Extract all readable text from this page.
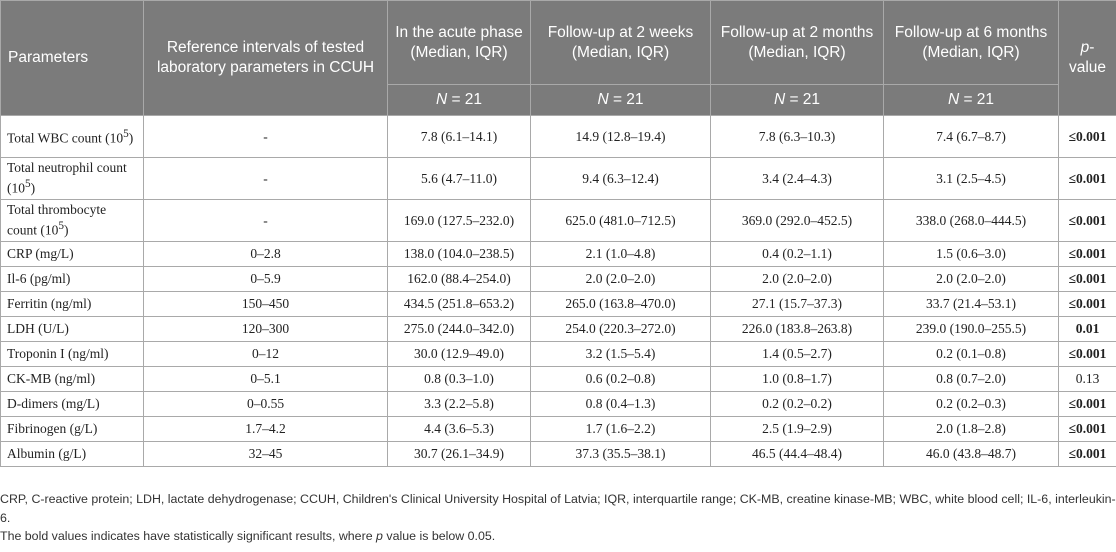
Parameters	Reference intervals of tested laboratory parameters in CCUH	In the acute phase (Median, IQR)	Follow-up at 2 weeks (Median, IQR)	Follow-up at 2 months (Median, IQR)	Follow-up at 6 months (Median, IQR)	p-value
		N = 21	N = 21	N = 21	N = 21	
Total WBC count $(10^5)$	-	7.8 (6.1–14.1)	14.9 (12.8–19.4)	7.8 (6.3–10.3)	7.4 (6.7–8.7)	≤0.001
Total neutrophil count $(10^5)$	-	5.6 (4.7–11.0)	9.4 (6.3–12.4)	3.4 (2.4–4.3)	3.1 (2.5–4.5)	≤0.001
Total thrombocyte count $(10^5)$	-	169.0 (127.5–232.0)	625.0 (481.0–712.5)	369.0 (292.0–452.5)	338.0 (268.0–444.5)	≤0.001
CRP (mg/L)	0–2.8	138.0 (104.0–238.5)	2.1 (1.0–4.8)	0.4 (0.2–1.1)	1.5 (0.6–3.0)	≤0.001
Il-6 (pg/ml)	0–5.9	162.0 (88.4–254.0)	2.0 (2.0–2.0)	2.0 (2.0–2.0)	2.0 (2.0–2.0)	≤0.001
Ferritin (ng/ml)	150–450	434.5 (251.8–653.2)	265.0 (163.8–470.0)	27.1 (15.7–37.3)	33.7 (21.4–53.1)	≤0.001
LDH (U/L)	120–300	275.0 (244.0–342.0)	254.0 (220.3–272.0)	226.0 (183.8–263.8)	239.0 (190.0–255.5)	0.01
Troponin I (ng/ml)	0–12	30.0 (12.9–49.0)	3.2 (1.5–5.4)	1.4 (0.5–2.7)	0.2 (0.1–0.8)	≤0.001
CK-MB (ng/ml)	0–5.1	0.8 (0.3–1.0)	0.6 (0.2–0.8)	1.0 (0.8–1.7)	0.8 (0.7–2.0)	0.13
D-dimers (mg/L)	0–0.55	3.3 (2.2–5.8)	0.8 (0.4–1.3)	0.2 (0.2–0.2)	0.2 (0.2–0.3)	≤0.001
Fibrinogen (g/L)	1.7–4.2	4.4 (3.6–5.3)	1.7 (1.6–2.2)	2.5 (1.9–2.9)	2.0 (1.8–2.8)	≤0.001
Albumin (g/L)	32–45	30.7 (26.1–34.9)	37.3 (35.5–38.1)	46.5 (44.4–48.4)	46.0 (43.8–48.7)	≤0.001
CRP, C-reactive protein; LDH, lactate dehydrogenase; CCUH, Children's Clinical University Hospital of Latvia; IQR, interquartile range; CK-MB, creatine kinase-MB; WBC, white blood cell; IL-6, interleukin-6.
The bold values indicates have statistically significant results, where p value is below 0.05.
